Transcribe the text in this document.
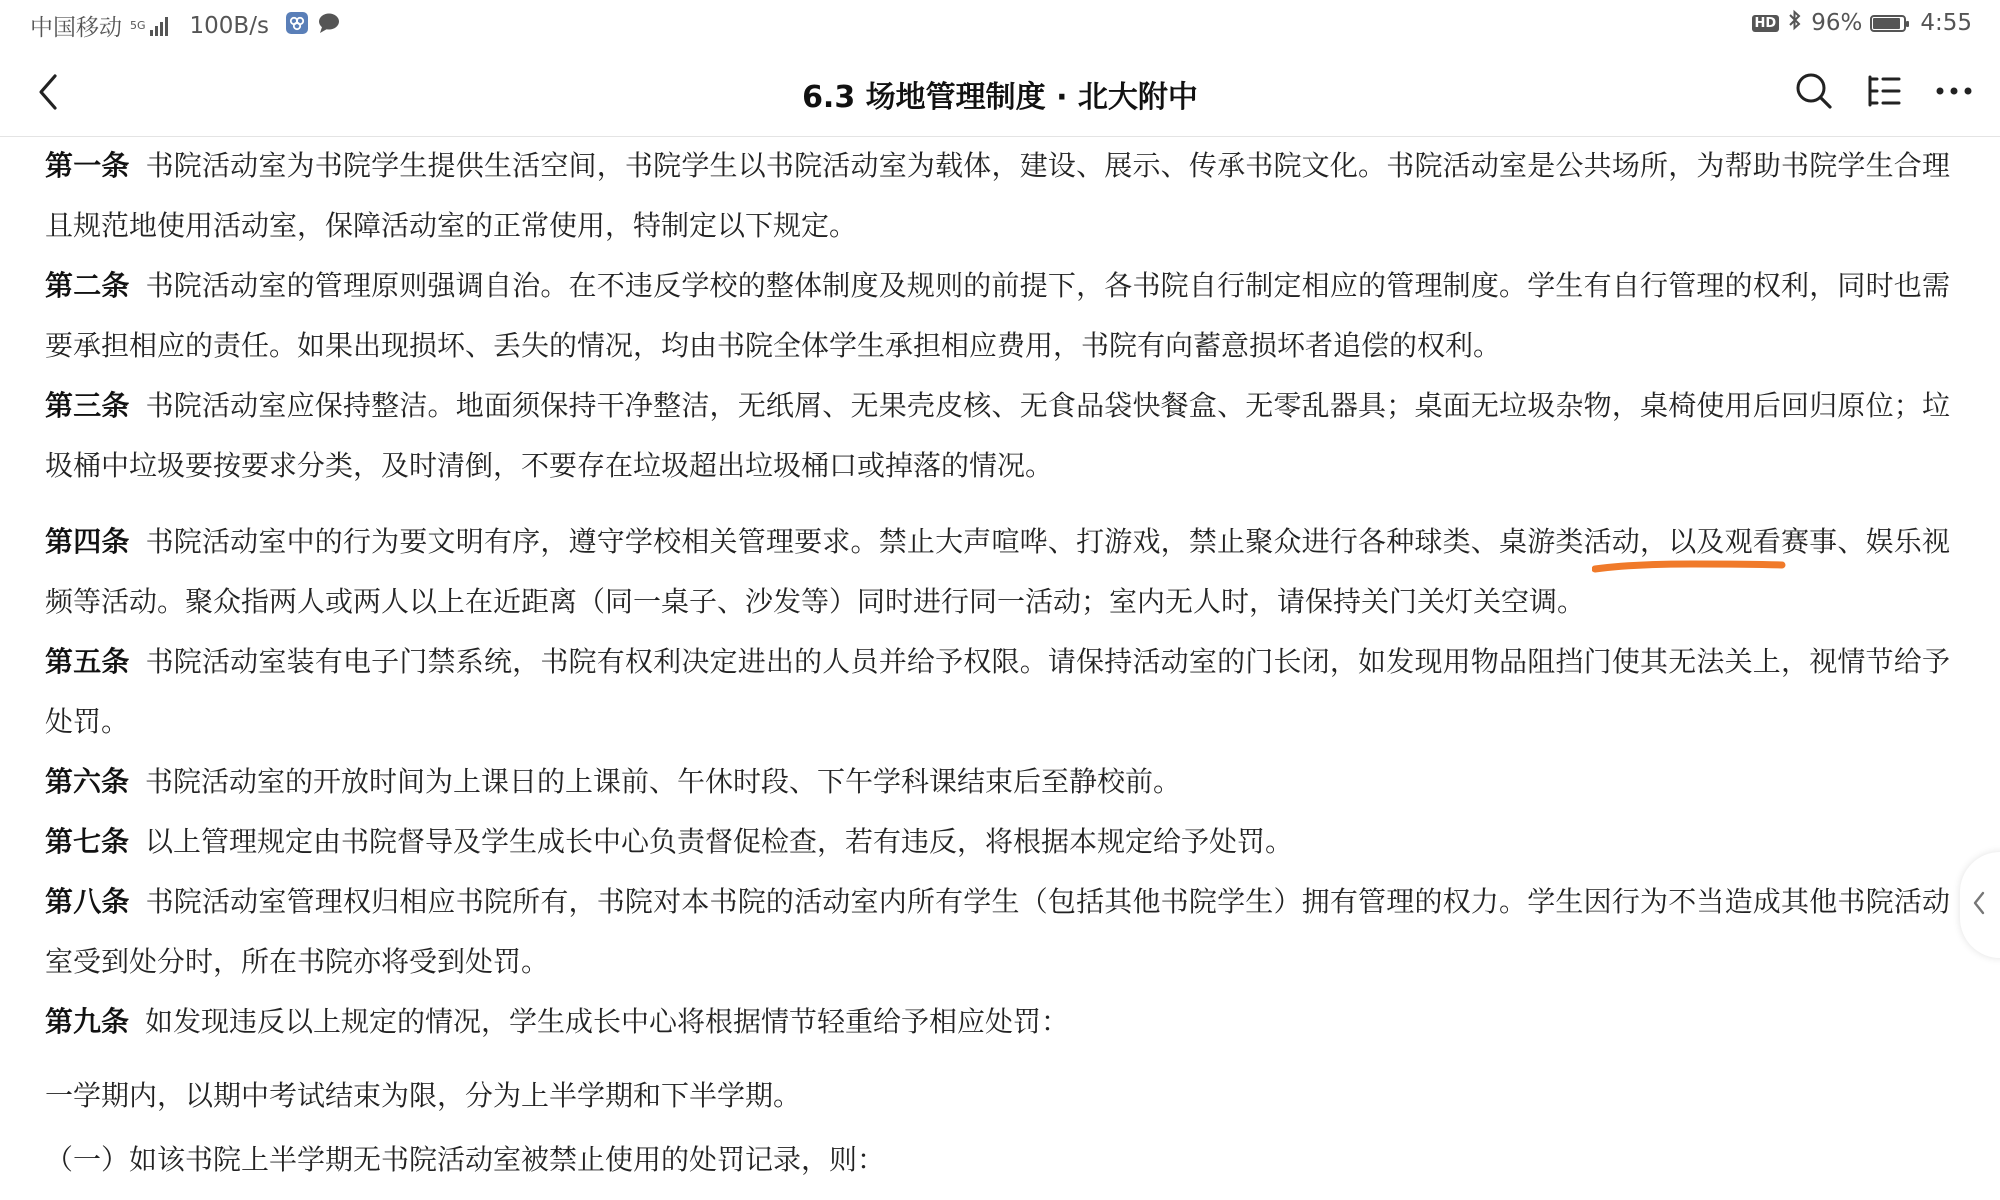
中国移动 5G 100B/s	HD 96%	4:55
6.3 场地管理制度 · 北大附中

第一条 书院活动室为书院学生提供生活空间，书院学生以书院活动室为载体，建设、展示、传承书院文化。书院活动室是公共场所，为帮助书院学生合理且规范地使用活动室，保障活动室的正常使用，特制定以下规定。

第二条 书院活动室的管理原则强调自治。在不违反学校的整体制度及规则的前提下，各书院自行制定相应的管理制度。学生有自行管理的权利，同时也需要承担相应的责任。如果出现损坏、丢失的情况，均由书院全体学生承担相应费用，书院有向蓄意损坏者追偿的权利。

第三条 书院活动室应保持整洁。地面须保持干净整洁，无纸屑、无果壳皮核、无食品袋快餐盒、无零乱器具；桌面无垃圾杂物，桌椅使用后回归原位；垃圾桶中垃圾要按要求分类，及时清倒，不要存在垃圾超出垃圾桶口或掉落的情况。

第四条 书院活动室中的行为要文明有序，遵守学校相关管理要求。禁止大声喧哗、打游戏，禁止聚众进行各种球类、桌游类活动，以及观看赛事、娱乐视频等活动。聚众指两人或两人以上在近距离（同一桌子、沙发等）同时进行同一活动；室内无人时，请保持关门关灯关空调。

第五条 书院活动室装有电子门禁系统，书院有权利决定进出的人员并给予权限。请保持活动室的门长闭，如发现用物品阻挡门使其无法关上，视情节给予处罚。

第六条 书院活动室的开放时间为上课日的上课前、午休时段、下午学科课结束后至静校前。

第七条 以上管理规定由书院督导及学生成长中心负责督促检查，若有违反，将根据本规定给予处罚。

第八条 书院活动室管理权归相应书院所有，书院对本书院的活动室内所有学生（包括其他书院学生）拥有管理的权力。学生因行为不当造成其他书院活动室受到处分时，所在书院亦将受到处罚。

第九条 如发现违反以上规定的情况，学生成长中心将根据情节轻重给予相应处罚：

一学期内，以期中考试结束为限，分为上半学期和下半学期。

（一）如该书院上半学期无书院活动室被禁止使用的处罚记录，则：
